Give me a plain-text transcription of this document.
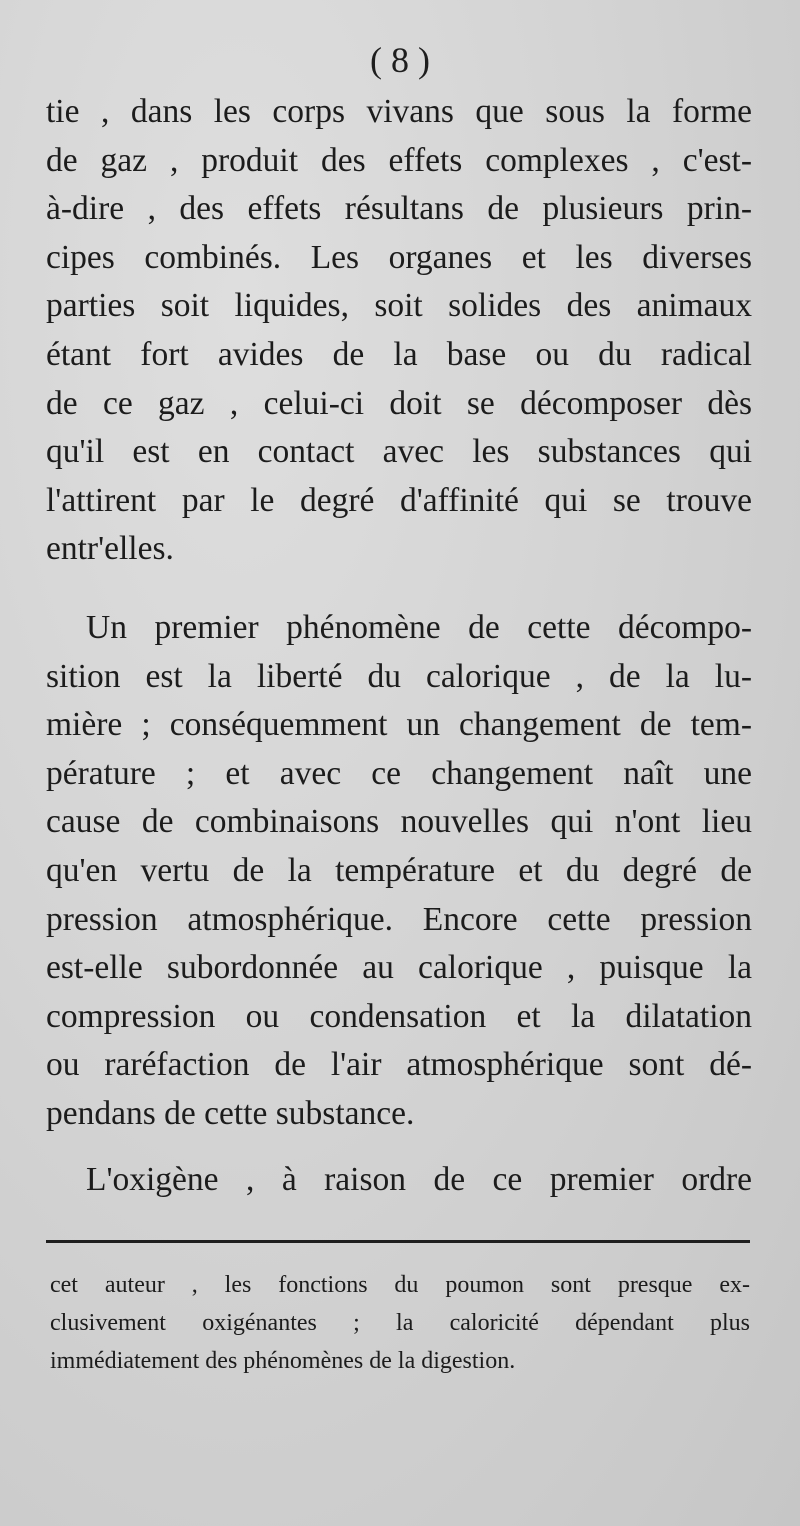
( 8 )
tie , dans les corps vivans que sous la forme
de gaz , produit des effets complexes , c'est-
à-dire , des effets résultans de plusieurs prin-
cipes combinés. Les organes et les diverses
parties soit liquides, soit solides des animaux
étant fort avides de la base ou du radical
de ce gaz , celui-ci doit se décomposer dès
qu'il est en contact avec les substances qui
l'attirent par le degré d'affinité qui se trouve
entr'elles.
Un premier phénomène de cette décompo-
sition est la liberté du calorique , de la lu-
mière ; conséquemment un changement de tem-
pérature ; et avec ce changement naît une
cause de combinaisons nouvelles qui n'ont lieu
qu'en vertu de la température et du degré de
pression atmosphérique. Encore cette pression
est-elle subordonnée au calorique , puisque la
compression ou condensation et la dilatation
ou raréfaction de l'air atmosphérique sont dé-
pendans de cette substance.
L'oxigène , à raison de ce premier ordre
cet auteur , les fonctions du poumon sont presque ex-
clusivement oxigénantes ; la caloricité dépendant plus
immédiatement des phénomènes de la digestion.
